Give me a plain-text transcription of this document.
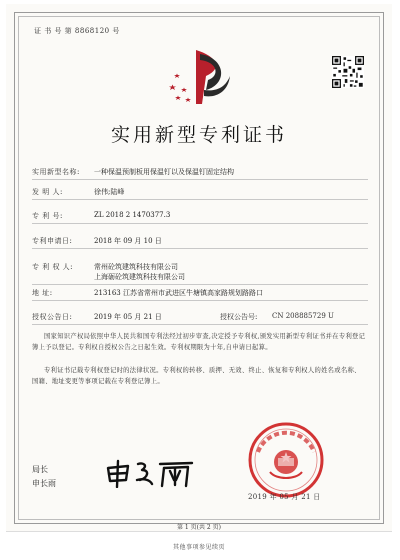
证 书 号 第 8868120 号
实用新型专利证书
实用新型名称:	一种保温预制板用保温钉以及保温钉固定结构
发 明 人:	徐伟;陆峰
专 利 号:	ZL 2018 2 1470377.3
专利申请日:	2018 年 09 月 10 日
专 利 权 人:	常州砼筑建筑科技有限公司
上海砺砼筑建筑科技有限公司
地 址:	213163 江苏省常州市武进区牛塘镇高家路规划路路口
授权公告日:	2019 年 05 月 21 日	授权公告号: CN 208885729 U
国家知识产权局依照中华人民共和国专利法经过初步审查,决定授予专利权,颁发实用新型专利证书并在专利登记簿上予以登记。专利权自授权公告之日起生效。专利权期限为十年,自申请日起算。
专利证书记载专利权登记时的法律状况。专利权的转移、质押、无效、终止、恢复和专利权人的姓名或名称、国籍、地址变更等事项记载在专利登记簿上。
局长
申长雨
2019 年 05 月 21 日
第 1 页(共 2 页)
其他事项参见续页
